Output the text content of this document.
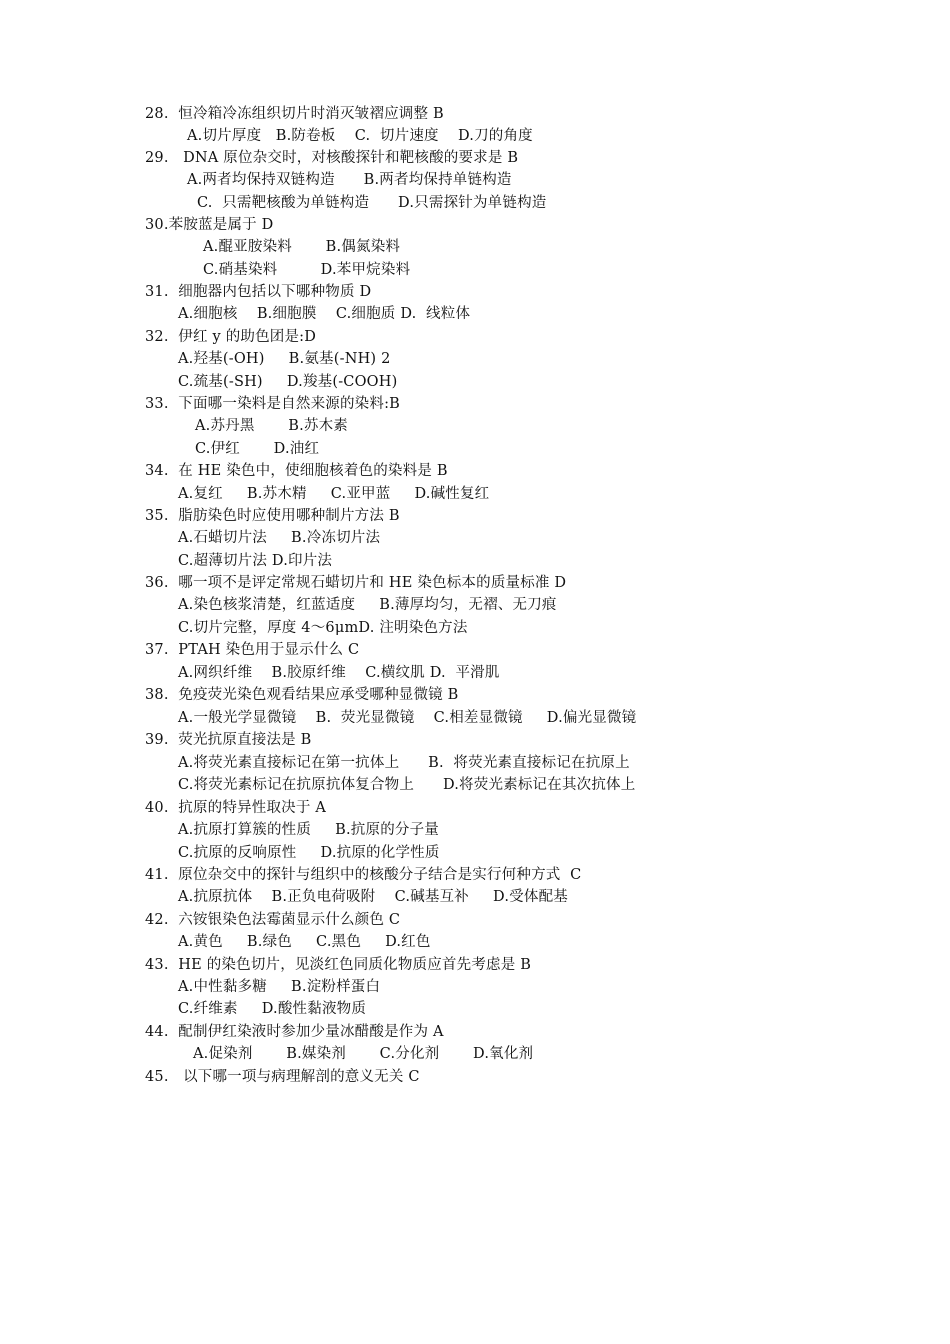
28.  恒冷箱冷冻组织切片时消灭皱褶应调整 B
A.切片厚度   B.防卷板    C.  切片速度    D.刀的角度
29.   DNA 原位杂交时，对核酸探针和靶核酸的要求是 B
A.两者均保持双链构造      B.两者均保持单链构造
C.  只需靶核酸为单链构造      D.只需探针为单链构造
30.苯胺蓝是属于 D
A.醌亚胺染料       B.偶氮染料
C.硝基染料         D.苯甲烷染料
31.  细胞器内包括以下哪种物质 D
A.细胞核    B.细胞膜    C.细胞质 D.  线粒体
32.  伊红 y 的助色团是:D
A.羟基(-OH)     B.氨基(-NH) 2
C.巯基(-SH)     D.羧基(-COOH)
33.  下面哪一染料是自然来源的染料:B
A.苏丹黑       B.苏木素
C.伊红       D.油红
34.  在 HE 染色中，使细胞核着色的染料是 B
A.复红     B.苏木精     C.亚甲蓝     D.碱性复红
35.  脂肪染色时应使用哪种制片方法 B
A.石蜡切片法     B.冷冻切片法
C.超薄切片法 D.印片法
36.  哪一项不是评定常规石蜡切片和 HE 染色标本的质量标准 D
A.染色核浆清楚，红蓝适度     B.薄厚均匀，无褶、无刀痕
C.切片完整，厚度 4～6μmD. 注明染色方法
37.  PTAH 染色用于显示什么 C
A.网织纤维    B.胶原纤维    C.横纹肌 D.  平滑肌
38.  免疫荧光染色观看结果应承受哪种显微镜 B
A.一般光学显微镜    B.  荧光显微镜    C.相差显微镜     D.偏光显微镜
39.  荧光抗原直接法是 B
A.将荧光素直接标记在第一抗体上      B.  将荧光素直接标记在抗原上
C.将荧光素标记在抗原抗体复合物上      D.将荧光素标记在其次抗体上
40.  抗原的特异性取决于 A
A.抗原打算簇的性质     B.抗原的分子量
C.抗原的反响原性     D.抗原的化学性质
41.  原位杂交中的探针与组织中的核酸分子结合是实行何种方式  C
A.抗原抗体    B.正负电荷吸附    C.碱基互补     D.受体配基
42.  六铵银染色法霉菌显示什么颜色 C
A.黄色     B.绿色     C.黑色     D.红色
43.  HE 的染色切片，见淡红色同质化物质应首先考虑是 B
A.中性黏多糖     B.淀粉样蛋白
C.纤维素     D.酸性黏液物质
44.  配制伊红染液时参加少量冰醋酸是作为 A
A.促染剂       B.媒染剂       C.分化剂       D.氧化剂
45.   以下哪一项与病理解剖的意义无关 C
